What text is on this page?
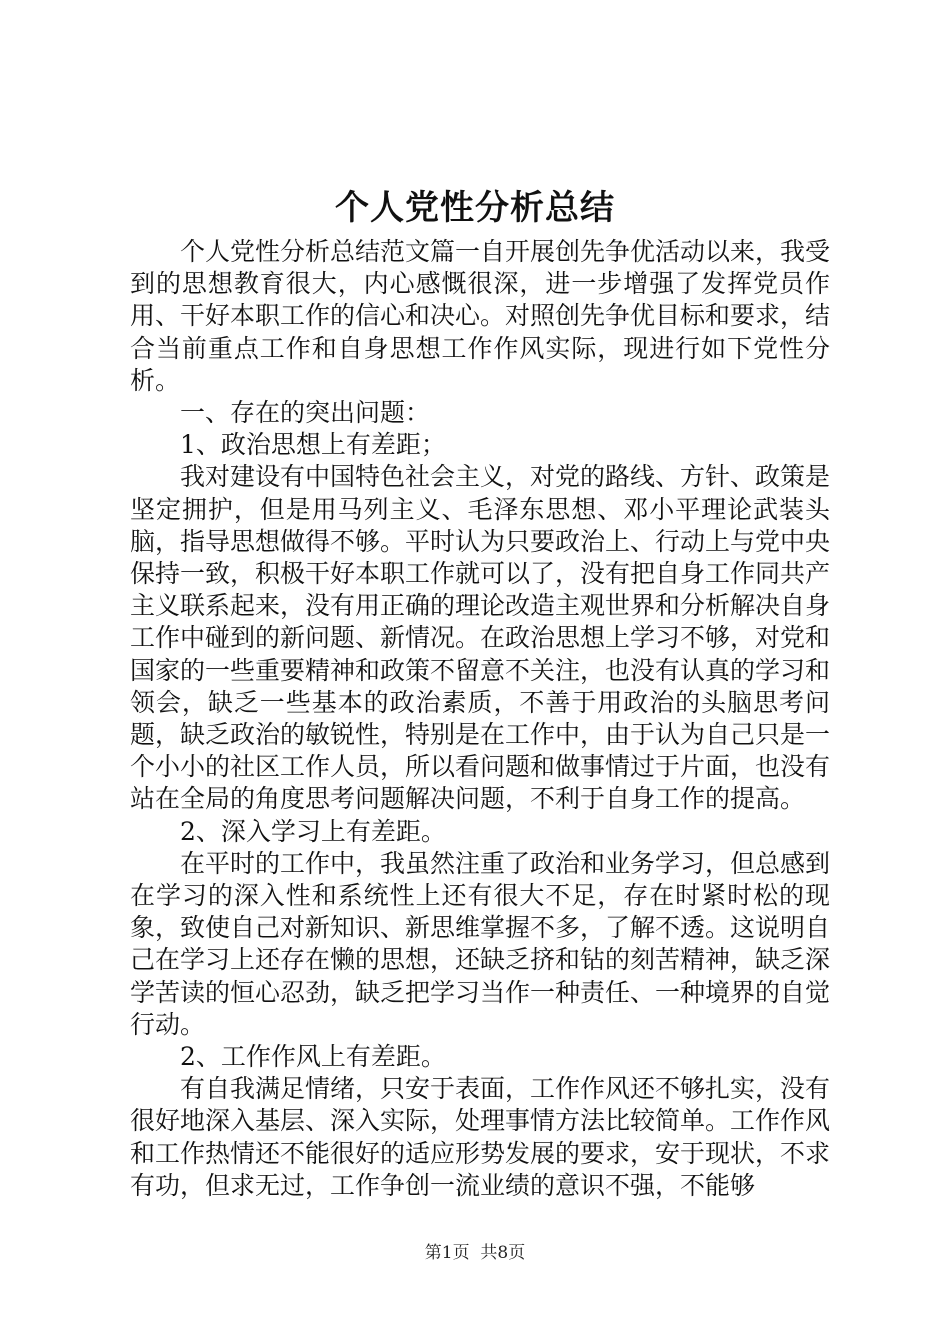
个人党性分析总结

个人党性分析总结范文篇一自开展创先争优活动以来，我受到的思想教育很大，内心感慨很深，进一步增强了发挥党员作用、干好本职工作的信心和决心。对照创先争优目标和要求，结合当前重点工作和自身思想工作作风实际，现进行如下党性分析。

一、存在的突出问题：

1、政治思想上有差距；

我对建设有中国特色社会主义，对党的路线、方针、政策是坚定拥护，但是用马列主义、毛泽东思想、邓小平理论武装头脑，指导思想做得不够。平时认为只要政治上、行动上与党中央保持一致，积极干好本职工作就可以了，没有把自身工作同共产主义联系起来，没有用正确的理论改造主观世界和分析解决自身工作中碰到的新问题、新情况。在政治思想上学习不够，对党和国家的一些重要精神和政策不留意不关注，也没有认真的学习和领会，缺乏一些基本的政治素质，不善于用政治的头脑思考问题，缺乏政治的敏锐性，特别是在工作中，由于认为自己只是一个小小的社区工作人员，所以看问题和做事情过于片面，也没有站在全局的角度思考问题解决问题，不利于自身工作的提高。

2、深入学习上有差距。

在平时的工作中，我虽然注重了政治和业务学习，但总感到在学习的深入性和系统性上还有很大不足，存在时紧时松的现象，致使自己对新知识、新思维掌握不多，了解不透。这说明自己在学习上还存在懒的思想，还缺乏挤和钻的刻苦精神，缺乏深学苦读的恒心忍劲，缺乏把学习当作一种责任、一种境界的自觉行动。

2、工作作风上有差距。

有自我满足情绪，只安于表面，工作作风还不够扎实，没有很好地深入基层、深入实际，处理事情方法比较简单。工作作风和工作热情还不能很好的适应形势发展的要求，安于现状，不求有功，但求无过，工作争创一流业绩的意识不强，不能够

第1页  共8页
